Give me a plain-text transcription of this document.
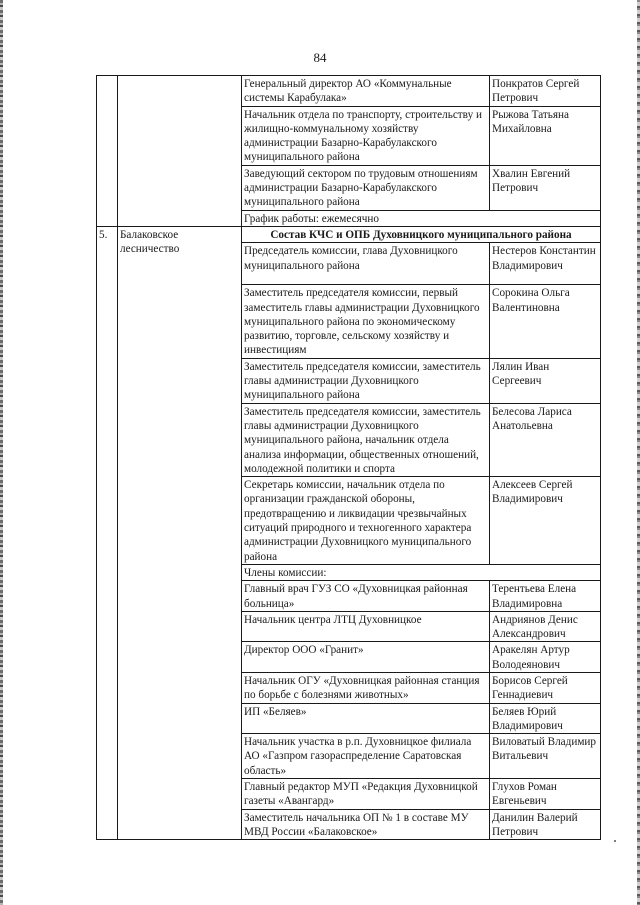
84
		Генеральный директор АО «Коммунальные системы Карабулака»	Понкратов Сергей Петрович
		Начальник отдела по транспорту, строительству и жилищно-коммунальному хозяйству администрации Базарно-Карабулакского муниципального района	Рыжова Татьяна Михайловна
		Заведующий сектором по трудовым отношениям администрации Базарно-Карабулакского муниципального района	Хвалин Евгений Петрович
		График работы: ежемесячно	
5.	Балаковское лесничество	Состав КЧС и ОПБ Духовницкого муниципального района	
		Председатель комиссии, глава Духовницкого муниципального района	Нестеров Константин Владимирович
		Заместитель председателя комиссии, первый заместитель главы администрации Духовницкого муниципального района по экономическому развитию, торговле, сельскому хозяйству и инвестициям	Сорокина Ольга Валентиновна
		Заместитель председателя комиссии, заместитель главы администрации Духовницкого муниципального района	Лялин Иван Сергеевич
		Заместитель председателя комиссии, заместитель главы администрации Духовницкого муниципального района, начальник отдела анализа информации, общественных отношений, молодежной политики и спорта	Белесова Лариса Анатольевна
		Секретарь комиссии, начальник отдела по организации гражданской обороны, предотвращению и ликвидации чрезвычайных ситуаций природного и техногенного характера администрации Духовницкого муниципального района	Алексеев Сергей Владимирович
		Члены комиссии:	
		Главный врач ГУЗ СО «Духовницкая районная больница»	Терентьева Елена Владимировна
		Начальник центра ЛТЦ Духовницкое	Андриянов Денис Александрович
		Директор ООО «Гранит»	Аракелян Артур Володеянович
		Начальник ОГУ «Духовницкая районная станция по борьбе с болезнями животных»	Борисов Сергей Геннадиевич
		ИП «Беляев»	Беляев Юрий Владимирович
		Начальник участка в р.п. Духовницкое филиала АО «Газпром газораспределение Саратовская область»	Виловатый Владимир Витальевич
		Главный редактор МУП «Редакция Духовницкой газеты «Авангард»	Глухов Роман Евгеньевич
		Заместитель начальника ОП № 1 в составе МУ МВД России «Балаковское»	Данилин Валерий Петрович
